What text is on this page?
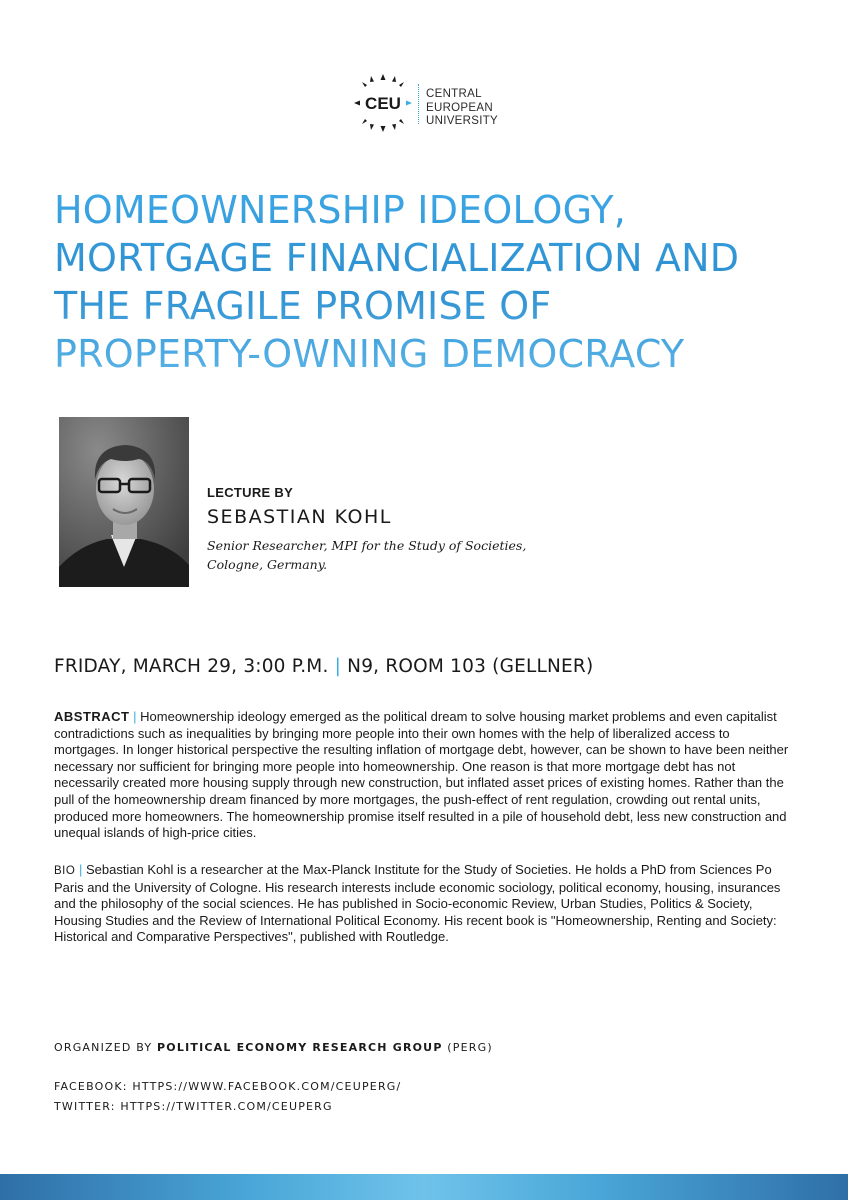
CEU CENTRAL
EUROPEAN
UNIVERSITY
HOMEOWNERSHIP IDEOLOGY,
MORTGAGE FINANCIALIZATION AND
THE FRAGILE PROMISE OF
PROPERTY-OWNING DEMOCRACY
LECTURE BY
SEBASTIAN KOHL
Senior Researcher, MPI for the Study of Societies,
Cologne, Germany.
FRIDAY, MARCH 29, 3:00 P.M. | N9, ROOM 103 (GELLNER)
ABSTRACT | Homeownership ideology emerged as the political dream to solve housing market problems and even capitalist contradictions such as inequalities by bringing more people into their own homes with the help of liberalized access to mortgages. In longer historical perspective the resulting inflation of mortgage debt, however, can be shown to have been neither necessary nor sufficient for bringing more people into homeownership. One reason is that more mortgage debt has not necessarily created more housing supply through new construction, but inflated asset prices of existing homes. Rather than the pull of the homeownership dream financed by more mortgages, the push-effect of rent regulation, crowding out rental units, produced more homeowners. The homeownership promise itself resulted in a pile of household debt, less new construction and unequal islands of high-price cities.
BIO | Sebastian Kohl is a researcher at the Max-Planck Institute for the Study of Societies. He holds a PhD from Sciences Po Paris and the University of Cologne. His research interests include economic sociology, political economy, housing, insurances and the philosophy of the social sciences. He has published in Socio-economic Review, Urban Studies, Politics & Society, Housing Studies and the Review of International Political Economy. His recent book is "Homeownership, Renting and Society: Historical and Comparative Perspectives", published with Routledge.
ORGANIZED BY POLITICAL ECONOMY RESEARCH GROUP (PERG)
FACEBOOK: HTTPS://WWW.FACEBOOK.COM/CEUPERG/
TWITTER: HTTPS://TWITTER.COM/CEUPERG
